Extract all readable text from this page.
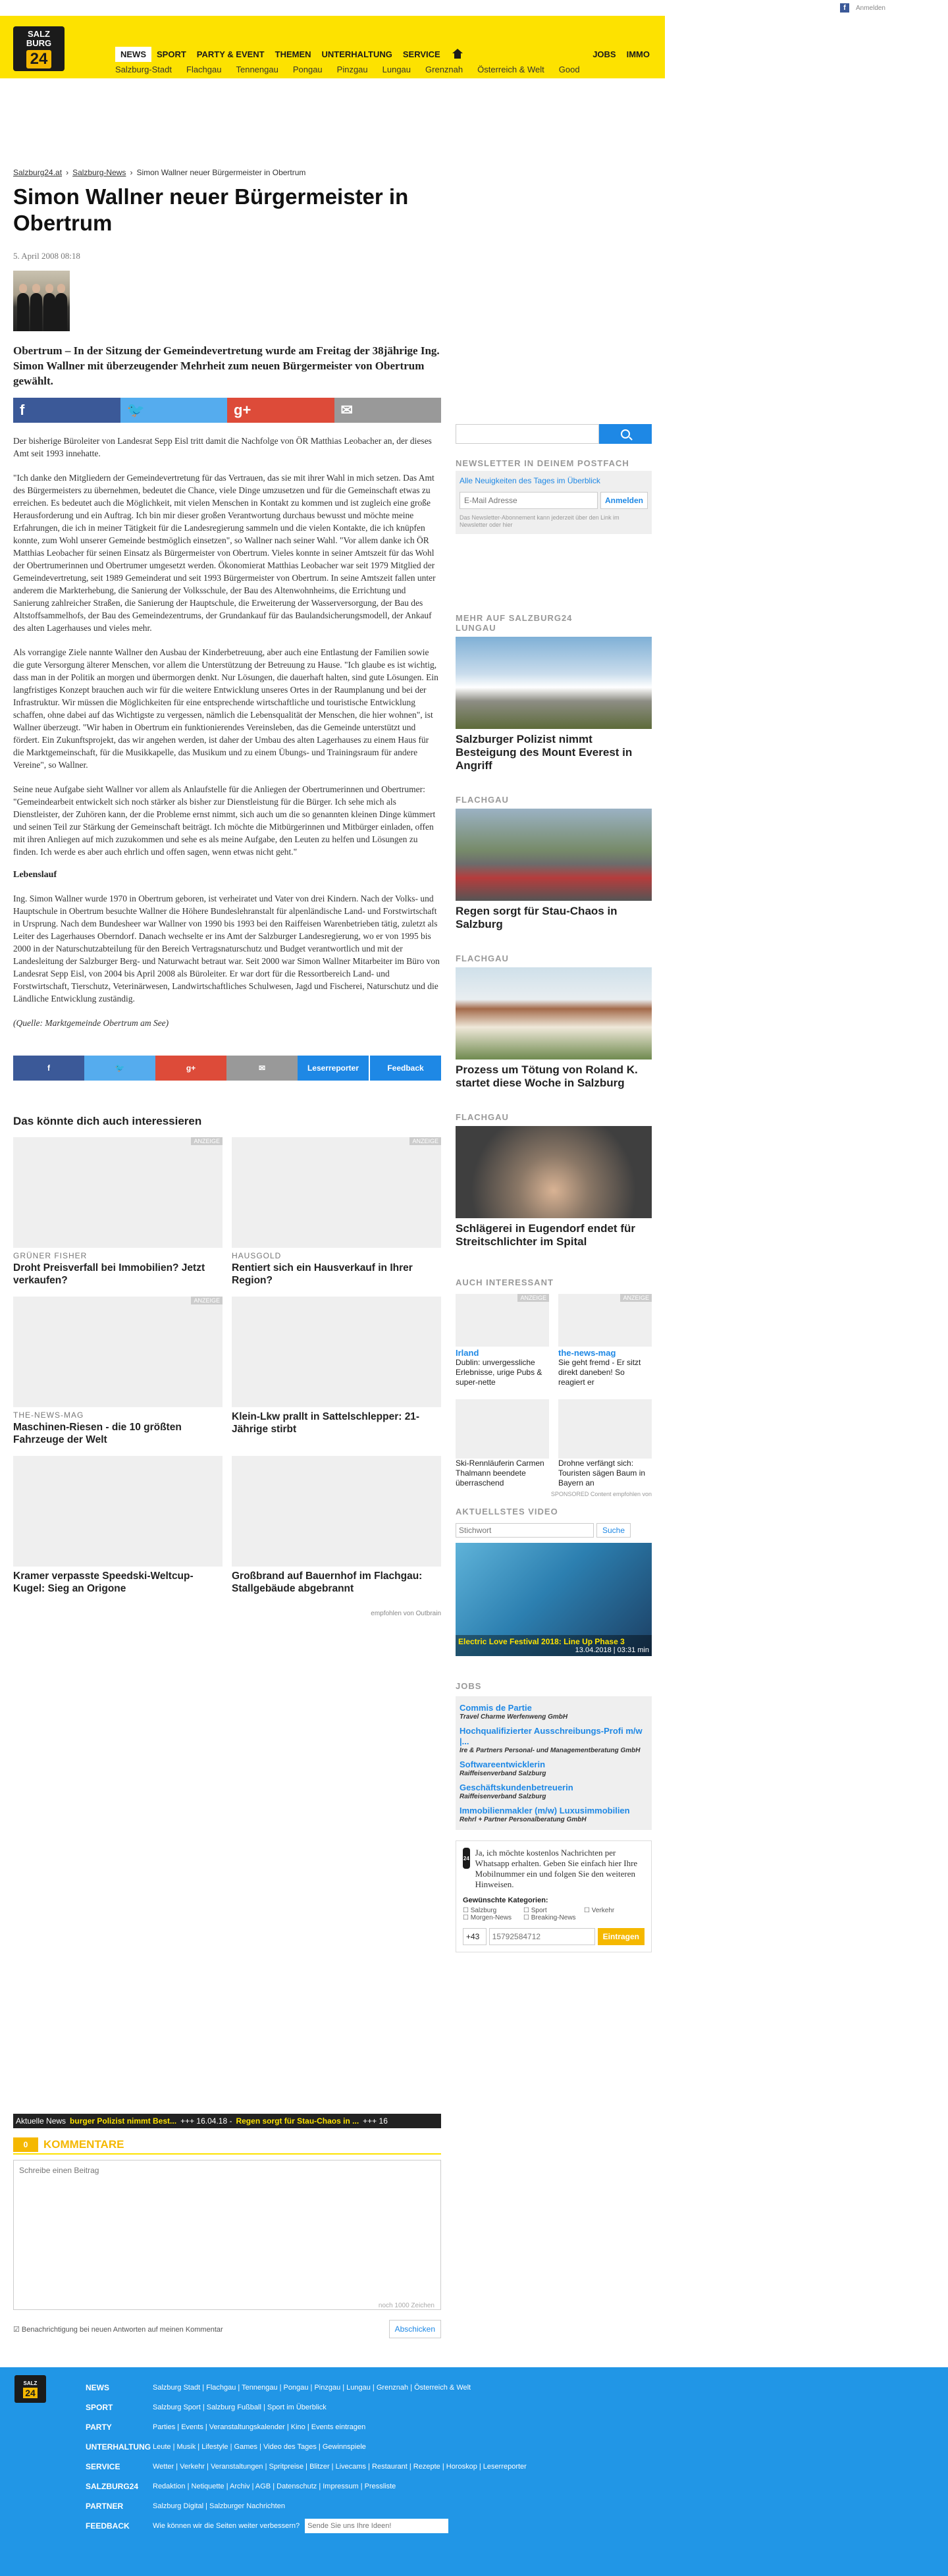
f	Anmelden
SALZ
BURG
24	NEWS	SPORT	PARTY & EVENT	THEMEN	UNTERHALTUNG	SERVICE	JOBS	IMMO
Salzburg-Stadt Flachgau Tennengau Pongau Pinzgau Lungau Grenznah Österreich & Welt Good
Salzburg24.at › Salzburg-News › Simon Wallner neuer Bürgermeister in Obertrum
Simon Wallner neuer Bürgermeister in Obertrum
5. April 2008 08:18

Obertrum – In der Sitzung der Gemeindevertretung wurde am Freitag der 38jährige Ing. Simon Wallner mit überzeugender Mehrheit zum neuen Bürgermeister von Obertrum gewählt.

f	🐦	g+	✉

Der bisherige Büroleiter von Landesrat Sepp Eisl tritt damit die Nachfolge von ÖR Matthias Leobacher an, der dieses Amt seit 1993 innehatte.

"Ich danke den Mitgliedern der Gemeindevertretung für das Vertrauen, das sie mit ihrer Wahl in mich setzen. Das Amt des Bürgermeisters zu übernehmen, bedeutet die Chance, viele Dinge umzusetzen und für die Gemeinschaft etwas zu erreichen. Es bedeutet auch die Möglichkeit, mit vielen Menschen in Kontakt zu kommen und ist zugleich eine große Herausforderung und ein Auftrag. Ich bin mir dieser großen Verantwortung durchaus bewusst und möchte meine Erfahrungen, die ich in meiner Tätigkeit für die Landesregierung sammeln und die vielen Kontakte, die ich knüpfen konnte, zum Wohl unserer Gemeinde bestmöglich einsetzen", so Wallner nach seiner Wahl. "Vor allem danke ich ÖR Matthias Leobacher für seinen Einsatz als Bürgermeister von Obertrum. Vieles konnte in seiner Amtszeit für das Wohl der Obertrumerinnen und Obertrumer umgesetzt werden. Ökonomierat Matthias Leobacher war seit 1979 Mitglied der Gemeindevertretung, seit 1989 Gemeinderat und seit 1993 Bürgermeister von Obertrum. In seine Amtszeit fallen unter anderem die Markterhebung, die Sanierung der Volksschule, der Bau des Altenwohnheims, die Errichtung und Sanierung zahlreicher Straßen, die Sanierung der Hauptschule, die Erweiterung der Wasserversorgung, der Bau des Altstoffsammelhofs, der Bau des Gemeindezentrums, der Grundankauf für das Baulandsicherungsmodell, der Ankauf des alten Lagerhauses und vieles mehr.

Als vorrangige Ziele nannte Wallner den Ausbau der Kinderbetreuung, aber auch eine Entlastung der Familien sowie die gute Versorgung älterer Menschen, vor allem die Unterstützung der Betreuung zu Hause. "Ich glaube es ist wichtig, dass man in der Politik an morgen und übermorgen denkt. Nur Lösungen, die dauerhaft halten, sind gute Lösungen. Ein langfristiges Konzept brauchen auch wir für die weitere Entwicklung unseres Ortes in der Raumplanung und bei der Infrastruktur. Wir müssen die Möglichkeiten für eine entsprechende wirtschaftliche und touristische Entwicklung schaffen, ohne dabei auf das Wichtigste zu vergessen, nämlich die Lebensqualität der Menschen, die hier wohnen", ist Wallner überzeugt. "Wir haben in Obertrum ein funktionierendes Vereinsleben, das die Gemeinde unterstützt und fördert. Ein Zukunftsprojekt, das wir angehen werden, ist daher der Umbau des alten Lagerhauses zu einem Haus für die Marktgemeinschaft, für die Musikkapelle, das Musikum und zu einem Übungs- und Trainingsraum für andere Vereine", so Wallner.

Seine neue Aufgabe sieht Wallner vor allem als Anlaufstelle für die Anliegen der Obertrumerinnen und Obertrumer: "Gemeindearbeit entwickelt sich noch stärker als bisher zur Dienstleistung für die Bürger. Ich sehe mich als Dienstleister, der Zuhören kann, der die Probleme ernst nimmt, sich auch um die so genannten kleinen Dinge kümmert und seinen Teil zur Stärkung der Gemeinschaft beiträgt. Ich möchte die Mitbürgerinnen und Mitbürger einladen, offen mit ihren Anliegen auf mich zuzukommen und sehe es als meine Aufgabe, den Leuten zu helfen und Lösungen zu finden. Ich werde es aber auch ehrlich und offen sagen, wenn etwas nicht geht."

Lebenslauf

Ing. Simon Wallner wurde 1970 in Obertrum geboren, ist verheiratet und Vater von drei Kindern. Nach der Volks- und Hauptschule in Obertrum besuchte Wallner die Höhere Bundeslehranstalt für alpenländische Land- und Forstwirtschaft in Ursprung. Nach dem Bundesheer war Wallner von 1990 bis 1993 bei den Raiffeisen Warenbetrieben tätig, zuletzt als Leiter des Lagerhauses Oberndorf. Danach wechselte er ins Amt der Salzburger Landesregierung, wo er von 1995 bis 2000 in der Naturschutzabteilung für den Bereich Vertragsnaturschutz und Budget verantwortlich und mit der Landesleitung der Salzburger Berg- und Naturwacht betraut war. Seit 2000 war Simon Wallner Mitarbeiter im Büro von Landesrat Sepp Eisl, von 2004 bis April 2008 als Büroleiter. Er war dort für die Ressortbereich Land- und Forstwirtschaft, Tierschutz, Veterinärwesen, Landwirtschaftliches Schulwesen, Jagd und Fischerei, Naturschutz und die Ländliche Entwicklung zuständig.

(Quelle: Marktgemeinde Obertrum am See)

f	🐦	g+	✉	Leserreporter	Feedback
Das könnte dich auch interessieren
ANZEIGE
GRÜNER FISHER
Droht Preisverfall bei Immobilien? Jetzt verkaufen?
ANZEIGE
HAUSGOLD
Rentiert sich ein Hausverkauf in Ihrer Region?
ANZEIGE
THE-NEWS-MAG
Maschinen-Riesen - die 10 größten Fahrzeuge der Welt
Klein-Lkw prallt in Sattelschlepper: 21-Jährige stirbt
Kramer verpasste Speedski-Weltcup-Kugel: Sieg an Origone
Großbrand auf Bauernhof im Flachgau: Stallgebäude abgebrannt
empfohlen von Outbrain
NEWSLETTER IN DEINEM POSTFACH
Alle Neuigkeiten des Tages im Überblick
E-Mail Adresse
Anmelden
Das Newsletter-Abonnement kann jederzeit über den Link im Newsletter oder hier
MEHR AUF SALZBURG24
LUNGAU
Salzburger Polizist nimmt Besteigung des Mount Everest in Angriff
FLACHGAU
Regen sorgt für Stau-Chaos in Salzburg
FLACHGAU
Prozess um Tötung von Roland K. startet diese Woche in Salzburg
FLACHGAU
Schlägerei in Eugendorf endet für Streitschlichter im Spital
AUCH INTERESSANT
ANZEIGE
Irland
Dublin: unvergessliche Erlebnisse, urige Pubs & super-nette
ANZEIGE
the-news-mag
Sie geht fremd - Er sitzt direkt daneben! So reagiert er
Ski-Rennläuferin Carmen Thalmann beendete überraschend
Drohne verfängt sich: Touristen sägen Baum in Bayern an
SPONSORED Content empfohlen von
AKTUELLSTES VIDEO
Stichwort
Suche
Electric Love Festival 2018: Line Up Phase 3
13.04.2018 | 03:31 min
JOBS
Commis de Partie
Travel Charme Werfenweng GmbH
Hochqualifizierter Ausschreibungs-Profi m/w |...
Ire & Partners Personal- und Managementberatung GmbH
Softwareentwicklerin
Raiffeisenverband Salzburg
Geschäftskundenbetreuerin
Raiffeisenverband Salzburg
Immobilienmakler (m/w) Luxusimmobilien
Rehrl + Partner Personalberatung GmbH
24
Ja, ich möchte kostenlos Nachrichten per Whatsapp erhalten. Geben Sie einfach hier Ihre Mobilnummer ein und folgen Sie den weiteren Hinweisen.
Gewünschte Kategorien:
☐ Salzburg	☐ Sport	☐ Verkehr
☐ Morgen-News	☐ Breaking-News
+43
15792584712	Eintragen
Aktuelle News burger Polizist nimmt Best... +++ 16.04.18 - Regen sorgt für Stau-Chaos in ... +++ 16
0	KOMMENTARE
Schreibe einen Beitrag
noch 1000 Zeichen
☑ Benachrichtigung bei neuen Antworten auf meinen Kommentar	Abschicken
SALZ
24	NEWS	Salzburg Stadt | Flachgau | Tennengau | Pongau | Pinzgau | Lungau | Grenznah | Österreich & Welt
SPORT	Salzburg Sport | Salzburg Fußball | Sport im Überblick
PARTY	Parties | Events | Veranstaltungskalender | Kino | Events eintragen
UNTERHALTUNG Leute | Musik | Lifestyle | Games | Video des Tages | Gewinnspiele
SERVICE	Wetter | Verkehr | Veranstaltungen | Spritpreise | Blitzer | Livecams | Restaurant | Rezepte | Horoskop | Leserreporter
SALZBURG24	Redaktion | Netiquette | Archiv | AGB | Datenschutz | Impressum | Pressliste
PARTNER	Salzburg Digital | Salzburger Nachrichten
FEEDBACK	Wie können wir die Seiten weiter verbessern?
Sende Sie uns Ihre Ideen!
